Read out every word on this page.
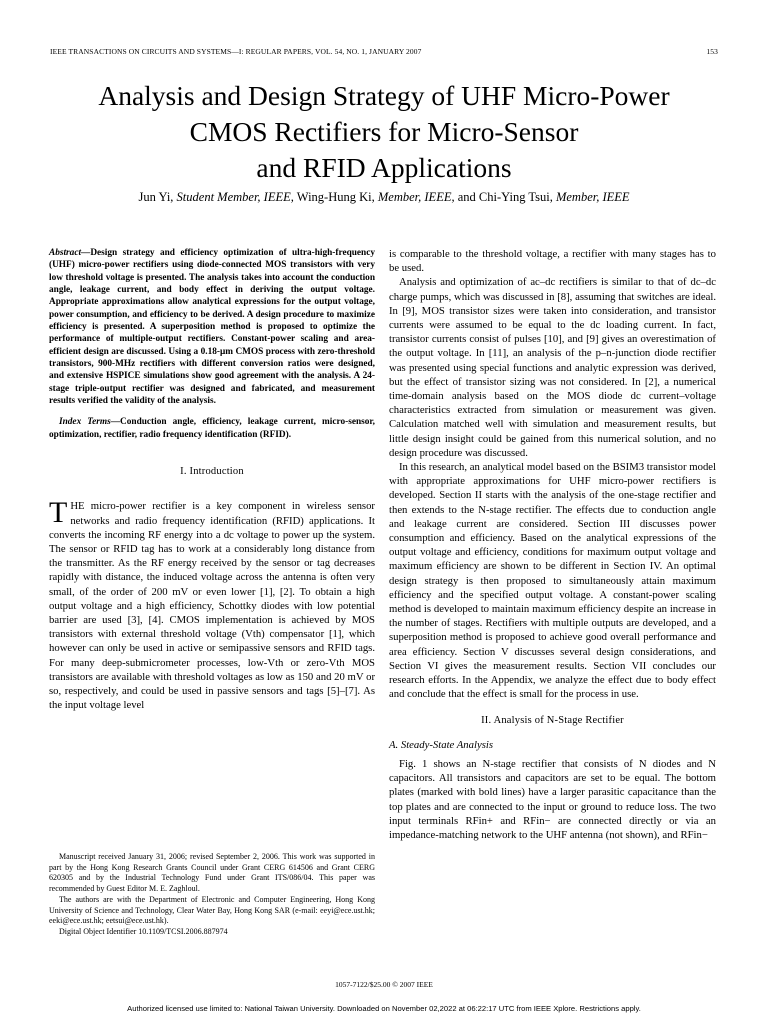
IEEE TRANSACTIONS ON CIRCUITS AND SYSTEMS—I: REGULAR PAPERS, VOL. 54, NO. 1, JANUARY 2007	153
Analysis and Design Strategy of UHF Micro-Power
CMOS Rectifiers for Micro-Sensor
and RFID Applications
Jun Yi, Student Member, IEEE, Wing-Hung Ki, Member, IEEE, and Chi-Ying Tsui, Member, IEEE

Abstract—Design strategy and efficiency optimization of ultra-high-frequency (UHF) micro-power rectifiers using diode-connected MOS transistors with very low threshold voltage is presented. The analysis takes into account the conduction angle, leakage current, and body effect in deriving the output voltage. Appropriate approximations allow analytical expressions for the output voltage, power consumption, and efficiency to be derived. A design procedure to maximize efficiency is presented. A superposition method is proposed to optimize the performance of multiple-output rectifiers. Constant-power scaling and area-efficient design are discussed. Using a 0.18-μm CMOS process with zero-threshold transistors, 900-MHz rectifiers with different conversion ratios were designed, and extensive HSPICE simulations show good agreement with the analysis. A 24-stage triple-output rectifier was designed and fabricated, and measurement results verified the validity of the analysis.

Index Terms—Conduction angle, efficiency, leakage current, micro-sensor, optimization, rectifier, radio frequency identification (RFID).

I. Introduction

THE micro-power rectifier is a key component in wireless sensor networks and radio frequency identification (RFID) applications. It converts the incoming RF energy into a dc voltage to power up the system. The sensor or RFID tag has to work at a considerably long distance from the transmitter. As the RF energy received by the sensor or tag decreases rapidly with distance, the induced voltage across the antenna is often very small, of the order of 200 mV or even lower [1], [2]. To obtain a high output voltage and a high efficiency, Schottky diodes with low potential barrier are used [3], [4]. CMOS implementation is achieved by MOS transistors with external threshold voltage (Vth) compensator [1], which however can only be used in active or semipassive sensors and RFID tags. For many deep-submicrometer processes, low-Vth or zero-Vth MOS transistors are available with threshold voltages as low as 150 and 20 mV or so, respectively, and could be used in passive sensors and tags [5]–[7]. As the input voltage level

Manuscript received January 31, 2006; revised September 2, 2006. This work was supported in part by the Hong Kong Research Grants Council under Grant CERG 614506 and Grant CERG 620305 and by the Industrial Technology Fund under Grant ITS/086/04. This paper was recommended by Guest Editor M. E. Zaghloul.

The authors are with the Department of Electronic and Computer Engineering, Hong Kong University of Science and Technology, Clear Water Bay, Hong Kong SAR (e-mail: eeyi@ece.ust.hk; eeki@ece.ust.hk; eetsui@ece.ust.hk).

Digital Object Identifier 10.1109/TCSI.2006.887974

is comparable to the threshold voltage, a rectifier with many stages has to be used.

Analysis and optimization of ac–dc rectifiers is similar to that of dc–dc charge pumps, which was discussed in [8], assuming that switches are ideal. In [9], MOS transistor sizes were taken into consideration, and transistor currents were assumed to be equal to the dc loading current. In fact, transistor currents consist of pulses [10], and [9] gives an overestimation of the output voltage. In [11], an analysis of the p–n-junction diode rectifier was presented using special functions and analytic expression was derived, but the effect of transistor sizing was not considered. In [2], a numerical time-domain analysis based on the MOS diode dc current–voltage characteristics extracted from simulation or measurement was given. Calculation matched well with simulation and measurement results, but little design insight could be gained from this numerical solution, and no design procedure was discussed.

In this research, an analytical model based on the BSIM3 transistor model with appropriate approximations for UHF micro-power rectifiers is developed. Section II starts with the analysis of the one-stage rectifier and then extends to the N-stage rectifier. The effects due to conduction angle and leakage current are considered. Section III discusses power consumption and efficiency. Based on the analytical expressions of the output voltage and efficiency, conditions for maximum output voltage and maximum efficiency are shown to be different in Section IV. An optimal design strategy is then proposed to simultaneously attain maximum efficiency and the specified output voltage. A constant-power scaling method is developed to maintain maximum efficiency despite an increase in the number of stages. Rectifiers with multiple outputs are developed, and a superposition method is proposed to achieve good overall performance and area efficiency. Section V discusses several design considerations, and Section VI gives the measurement results. Section VII concludes our research efforts. In the Appendix, we analyze the effect due to body effect and conclude that the effect is small for the process in use.

II. Analysis of N-Stage Rectifier
A. Steady-State Analysis

Fig. 1 shows an N-stage rectifier that consists of N diodes and N capacitors. All transistors and capacitors are set to be equal. The bottom plates (marked with bold lines) have a larger parasitic capacitance than the top plates and are connected to the input or ground to reduce loss. The two input terminals RFin+ and RFin− are connected directly or via an impedance-matching network to the UHF antenna (not shown), and RFin−

1057-7122/$25.00 © 2007 IEEE
Authorized licensed use limited to: National Taiwan University. Downloaded on November 02,2022 at 06:22:17 UTC from IEEE Xplore. Restrictions apply.
